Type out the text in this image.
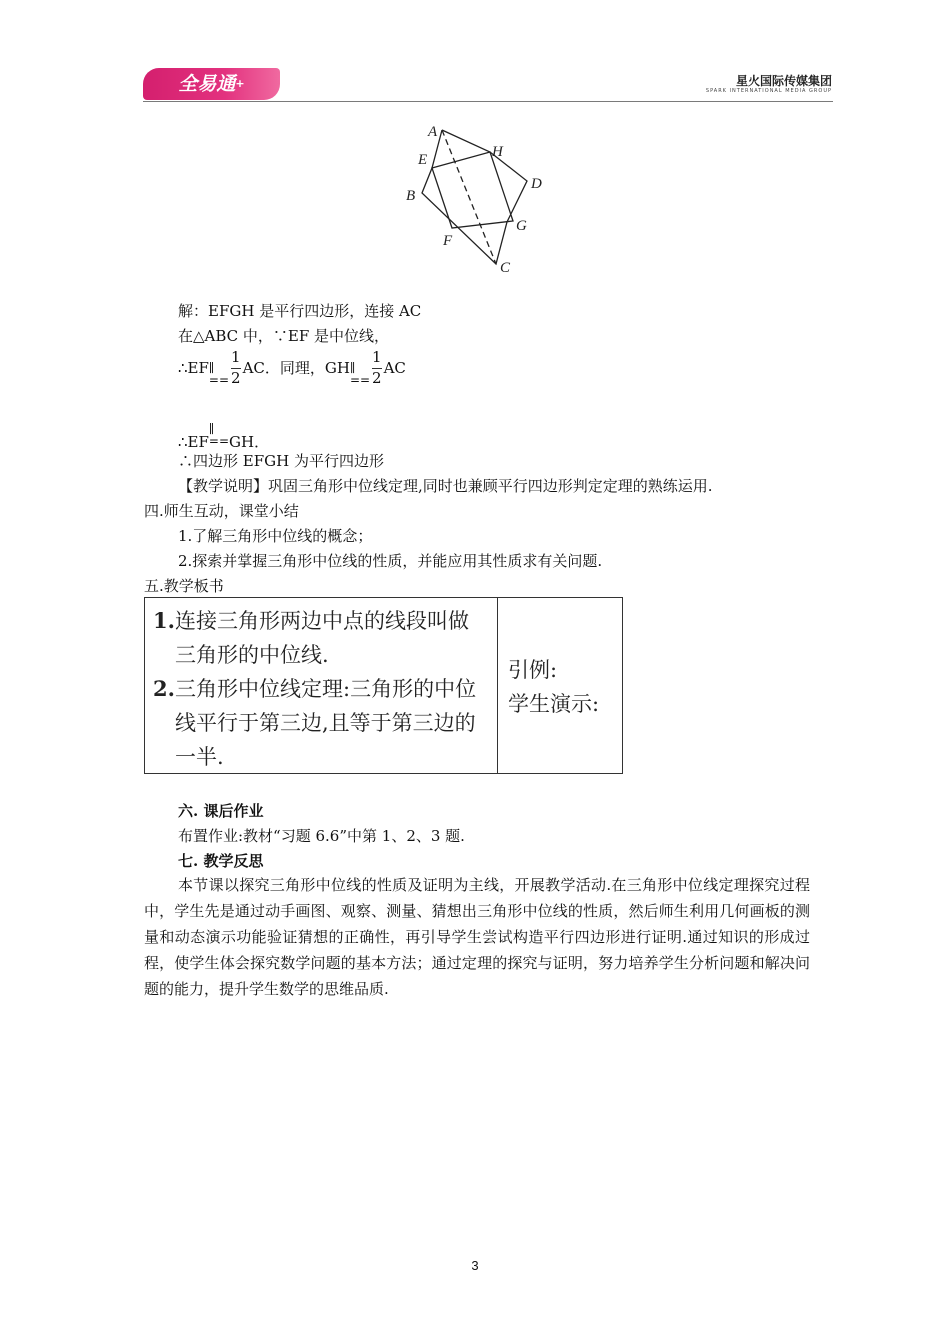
全易通+	星火国际传媒集团
SPARK INTERNATIONAL MEDIA GROUP
A
E	H
B
D
G
F
C
解：EFGH 是平行四边形，连接 AC
在△ABC 中，∵EF 是中位线，
∴EF∥
== $\frac{1}{2}$ AC．同理，GH∥
== $\frac{1}{2}$ AC
∴EF∥
==GH．
∴四边形 EFGH 为平行四边形
【教学说明】巩固三角形中位线定理,同时也兼顾平行四边形判定定理的熟练运用.
四.师生互动，课堂小结
1.了解三角形中位线的概念；
2.探索并掌握三角形中位线的性质，并能应用其性质求有关问题.
五.教学板书
1. 连接三角形两边中点的线段叫做三角形的中位线.
2. 三角形中位线定理:三角形的中位线平行于第三边,且等于第三边的一半.
引例:
学生演示:
六. 课后作业
布置作业:教材“习题 6.6”中第 1、2、3 题.
七. 教学反思
本节课以探究三角形中位线的性质及证明为主线，开展教学活动.在三角形中位线定理探究过程中，学生先是通过动手画图、观察、测量、猜想出三角形中位线的性质，然后师生利用几何画板的测量和动态演示功能验证猜想的正确性，再引导学生尝试构造平行四边形进行证明.通过知识的形成过程，使学生体会探究数学问题的基本方法；通过定理的探究与证明，努力培养学生分析问题和解决问题的能力，提升学生数学的思维品质.
3
